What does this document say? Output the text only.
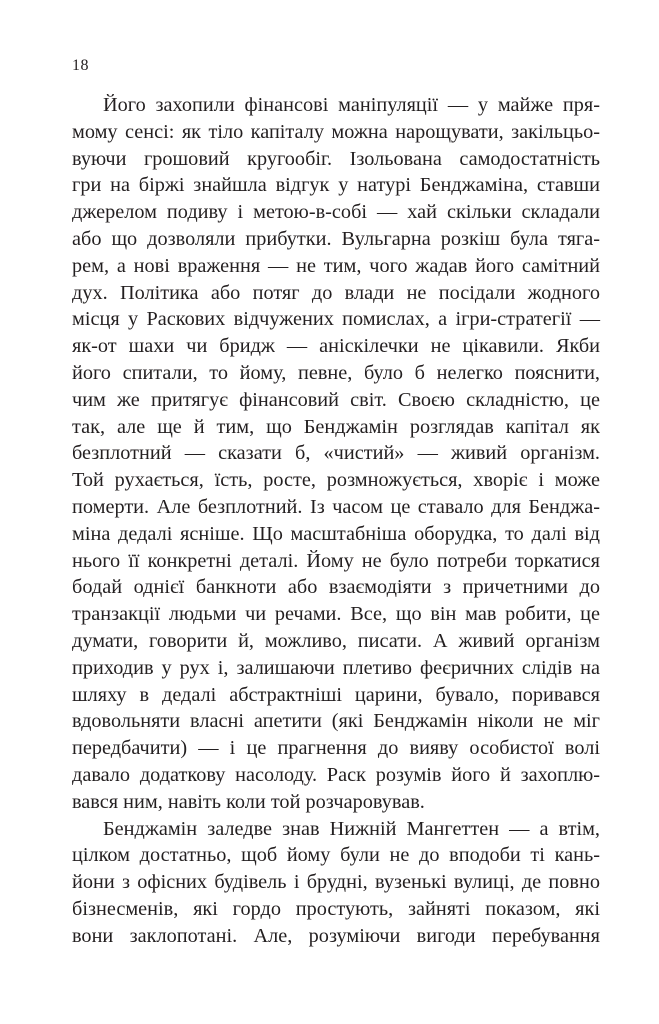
18
Його захопили фінансові маніпуляції — у майже пря-
мому сенсі: як тіло капіталу можна нарощувати, закільцьо-
вуючи грошовий кругообіг. Ізольована самодостатність
гри на біржі знайшла відгук у натурі Бенджаміна, ставши
джерелом подиву і метою-в-собі — хай скільки складали
або що дозволяли прибутки. Вульгарна розкіш була тяга-
рем, а нові враження — не тим, чого жадав його самітний
дух. Політика або потяг до влади не посідали жодного
місця у Раскових відчужених помислах, а ігри-стратегії —
як-от шахи чи бридж — аніскілечки не цікавили. Якби
його спитали, то йому, певне, було б нелегко пояснити,
чим же притягує фінансовий світ. Своєю складністю, це
так, але ще й тим, що Бенджамін розглядав капітал як
безплотний — сказати б, «чистий» — живий організм.
Той рухається, їсть, росте, розмножується, хворіє і може
померти. Але безплотний. Із часом це ставало для Бенджа-
міна дедалі ясніше. Що масштабніша оборудка, то далі від
нього її конкретні деталі. Йому не було потреби торкатися
бодай однієї банкноти або взаємодіяти з причетними до
транзакції людьми чи речами. Все, що він мав робити, це
думати, говорити й, можливо, писати. А живий організм
приходив у рух і, залишаючи плетиво феєричних слідів на
шляху в дедалі абстрактніші царини, бувало, поривався
вдовольняти власні апетити (які Бенджамін ніколи не міг
передбачити) — і це прагнення до вияву особистої волі
давало додаткову насолоду. Раск розумів його й захоплю-
вався ним, навіть коли той розчаровував.
Бенджамін заледве знав Нижній Мангеттен — а втім,
цілком достатньо, щоб йому були не до вподоби ті кань-
йони з офісних будівель і брудні, вузенькі вулиці, де повно
бізнесменів, які гордо простують, зайняті показом, які
вони заклопотані. Але, розуміючи вигоди перебування
